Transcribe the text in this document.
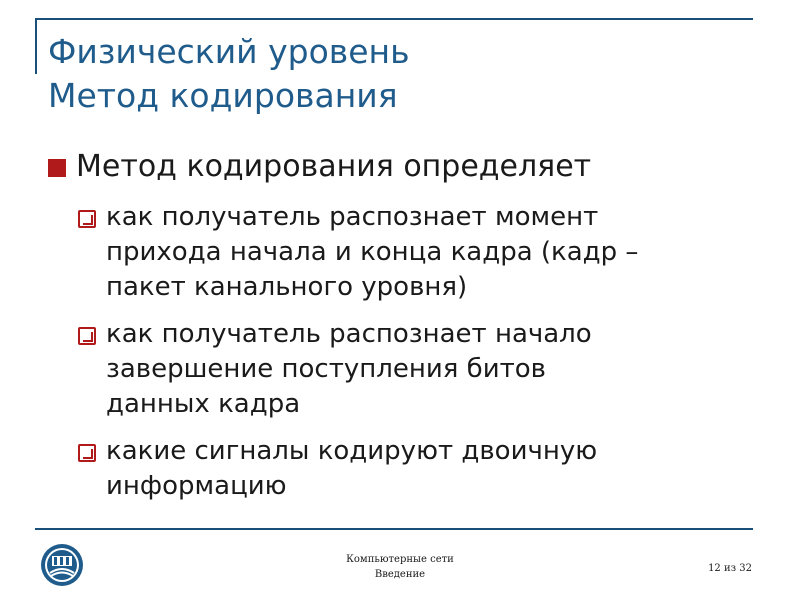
Физический уровень
Метод кодирования
Метод кодирования определяет
как получатель распознает момент
прихода начала и конца кадра (кадр –
пакет канального уровня)
как получатель распознает начало
завершение поступления битов
данных кадра
какие сигналы кодируют двоичную
информацию
Компьютерные сети
Введение
12 из 32
